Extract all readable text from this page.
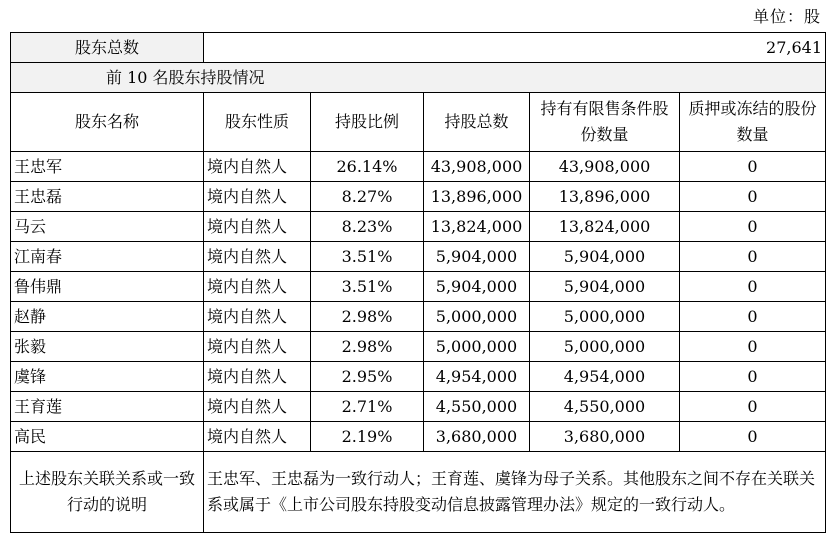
单位：股
股东总数	27,641				
前 10 名股东持股情况					
股东名称	股东性质	持股比例	持股总数	持有有限售条件股份数量	质押或冻结的股份数量
王忠军	境内自然人	26.14%	43,908,000	43,908,000	0
王忠磊	境内自然人	8.27%	13,896,000	13,896,000	0
马云	境内自然人	8.23%	13,824,000	13,824,000	0
江南春	境内自然人	3.51%	5,904,000	5,904,000	0
鲁伟鼎	境内自然人	3.51%	5,904,000	5,904,000	0
赵静	境内自然人	2.98%	5,000,000	5,000,000	0
张毅	境内自然人	2.98%	5,000,000	5,000,000	0
虞锋	境内自然人	2.95%	4,954,000	4,954,000	0
王育莲	境内自然人	2.71%	4,550,000	4,550,000	0
高民	境内自然人	2.19%	3,680,000	3,680,000	0
上述股东关联关系或一致行动的说明	王忠军、王忠磊为一致行动人；王育莲、虞锋为母子关系。其他股东之间不存在关联关系或属于《上市公司股东持股变动信息披露管理办法》规定的一致行动人。				
